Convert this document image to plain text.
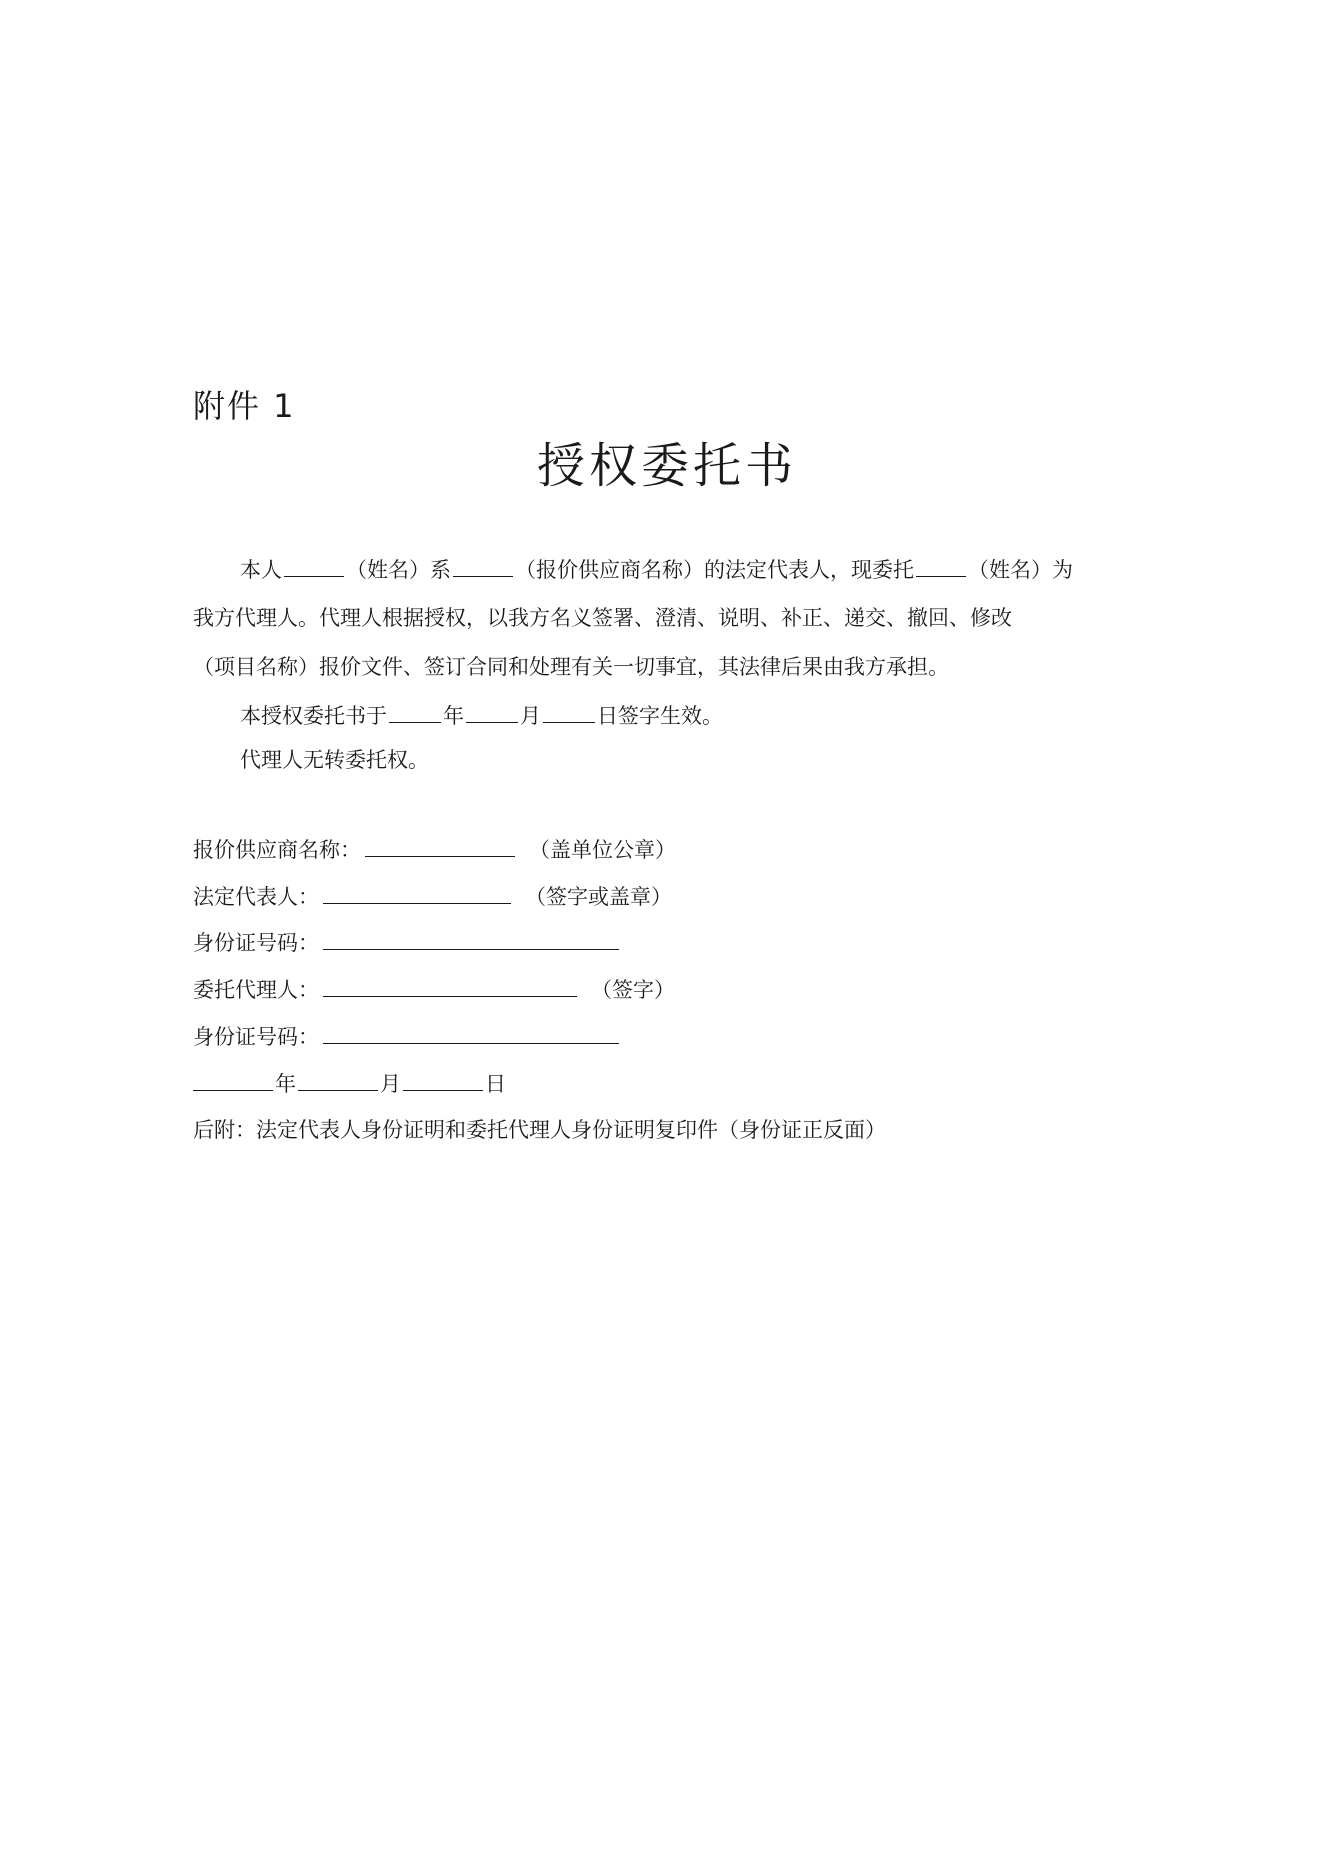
附件 1
授权委托书
本人	（姓名）系	（报价供应商名称）的法定代表人，现委托	（姓名）为
我方代理人。代理人根据授权，以我方名义签署、澄清、说明、补正、递交、撤回、修改
（项目名称）报价文件、签订合同和处理有关一切事宜，其法律后果由我方承担。
本授权委托书于	年	月	日签字生效。
代理人无转委托权。
报价供应商名称：	（盖单位公章）
法定代表人：	（签字或盖章）
身份证号码：
委托代理人：	（签字）
身份证号码：
年	月	日
后附：法定代表人身份证明和委托代理人身份证明复印件（身份证正反面）
